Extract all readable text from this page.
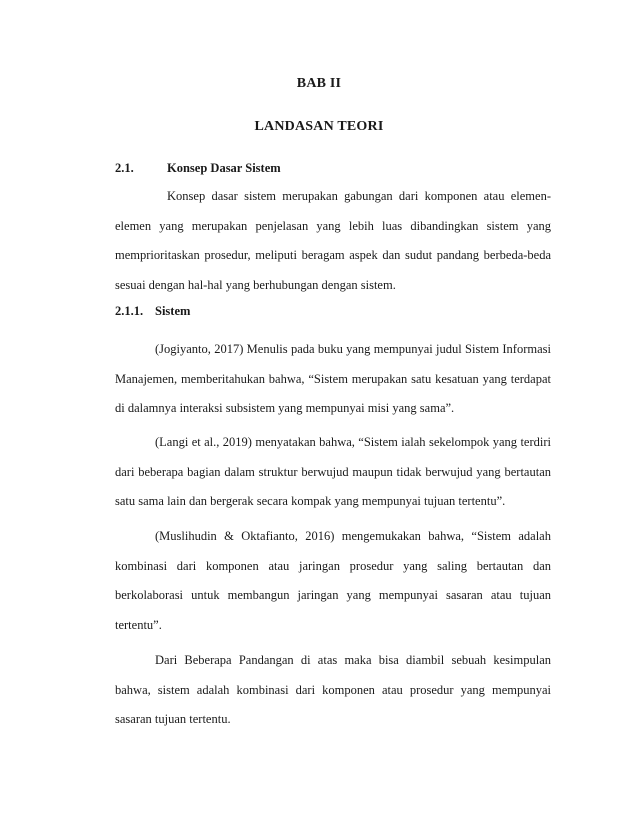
BAB II
LANDASAN TEORI
2.1.	Konsep Dasar Sistem

Konsep dasar sistem merupakan gabungan dari komponen atau elemen-elemen yang merupakan penjelasan yang lebih luas dibandingkan sistem yang memprioritaskan prosedur, meliputi beragam aspek dan sudut pandang berbeda-beda sesuai dengan hal-hal yang berhubungan dengan sistem.

2.1.1. Sistem

(Jogiyanto, 2017) Menulis pada buku yang mempunyai judul Sistem Informasi Manajemen, memberitahukan bahwa, “Sistem merupakan satu kesatuan yang terdapat di dalamnya interaksi subsistem yang mempunyai misi yang sama”.

(Langi et al., 2019) menyatakan bahwa, “Sistem ialah sekelompok yang terdiri dari beberapa bagian dalam struktur berwujud maupun tidak berwujud yang bertautan satu sama lain dan bergerak secara kompak yang mempunyai tujuan tertentu”.

(Muslihudin & Oktafianto, 2016) mengemukakan bahwa, “Sistem adalah kombinasi dari komponen atau jaringan prosedur yang saling bertautan dan berkolaborasi untuk membangun jaringan yang mempunyai sasaran atau tujuan tertentu”.

Dari Beberapa Pandangan di atas maka bisa diambil sebuah kesimpulan bahwa, sistem adalah kombinasi dari komponen atau prosedur yang mempunyai sasaran tujuan tertentu.
